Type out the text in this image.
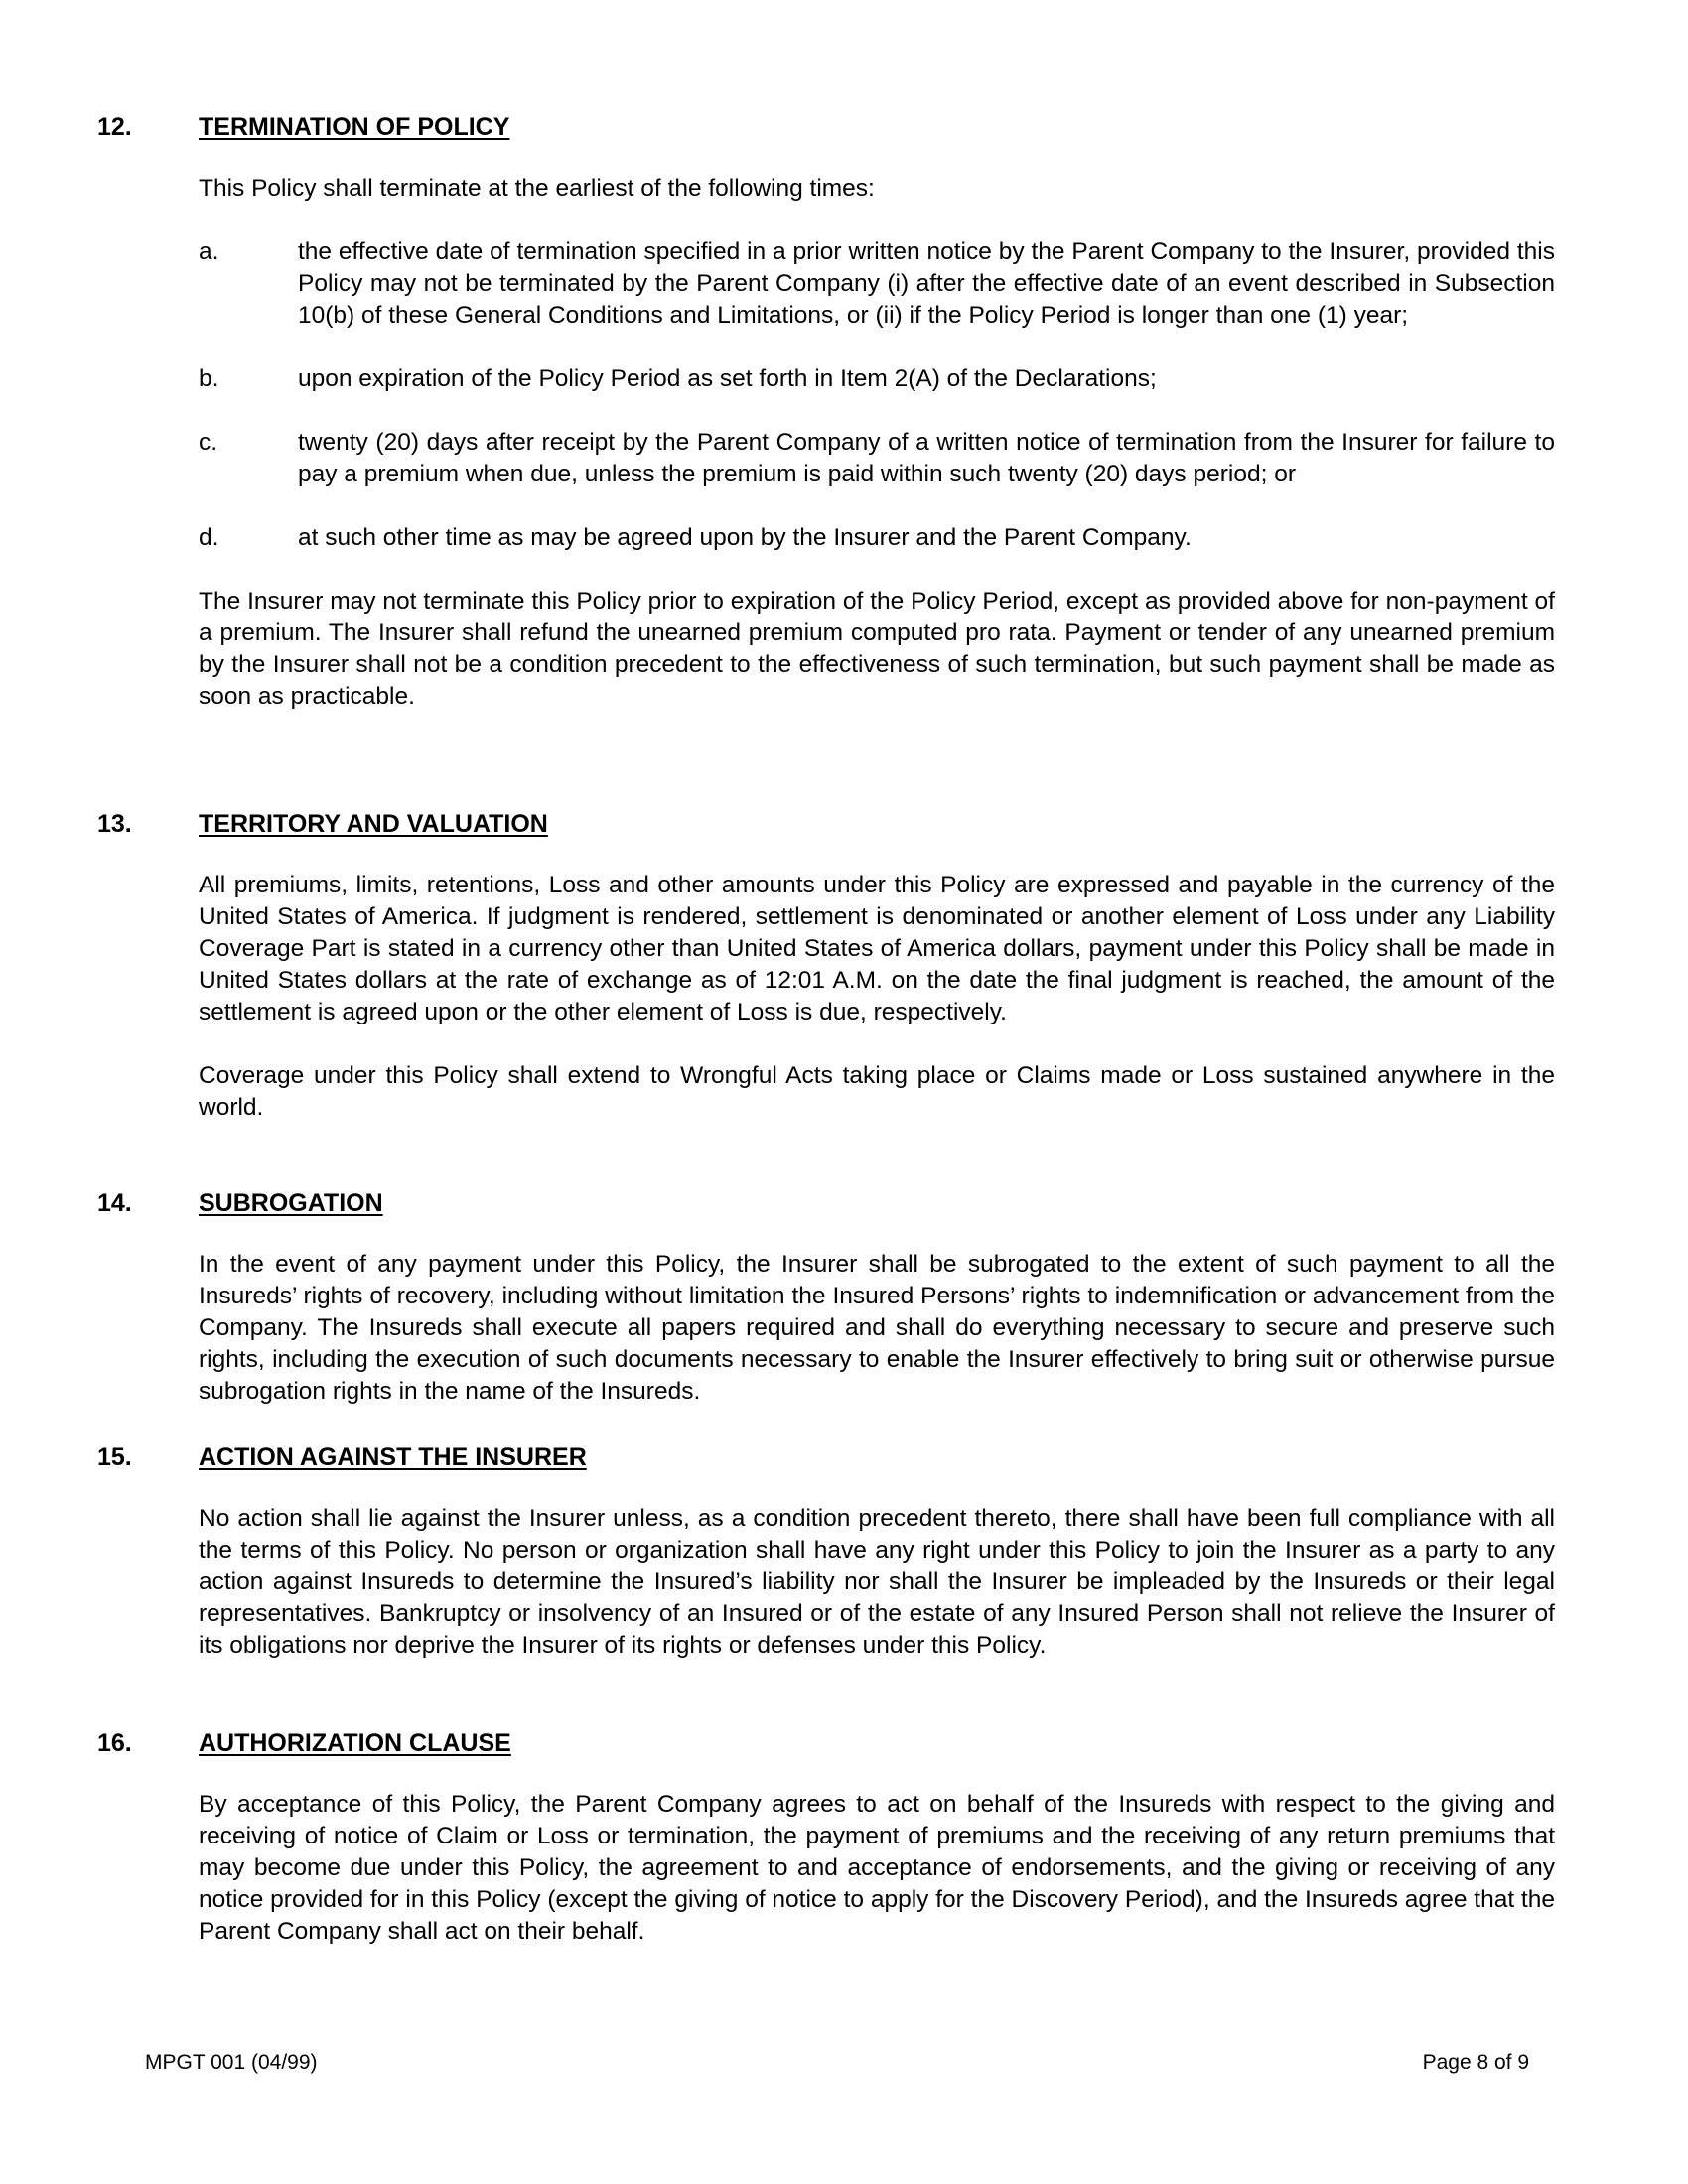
12.	TERMINATION OF POLICY

This Policy shall terminate at the earliest of the following times:

a.	the effective date of termination specified in a prior written notice by the Parent Company to the Insurer, provided this Policy may not be terminated by the Parent Company (i) after the effective date of an event described in Subsection 10(b) of these General Conditions and Limitations, or (ii) if the Policy Period is longer than one (1) year;
b.	upon expiration of the Policy Period as set forth in Item 2(A) of the Declarations;
c.	twenty (20) days after receipt by the Parent Company of a written notice of termination from the Insurer for failure to pay a premium when due, unless the premium is paid within such twenty (20) days period; or
d.	at such other time as may be agreed upon by the Insurer and the Parent Company.

The Insurer may not terminate this Policy prior to expiration of the Policy Period, except as provided above for non-payment of a premium. The Insurer shall refund the unearned premium computed pro rata. Payment or tender of any unearned premium by the Insurer shall not be a condition precedent to the effectiveness of such termination, but such payment shall be made as soon as practicable.

13.	TERRITORY AND VALUATION

All premiums, limits, retentions, Loss and other amounts under this Policy are expressed and payable in the currency of the United States of America. If judgment is rendered, settlement is denominated or another element of Loss under any Liability Coverage Part is stated in a currency other than United States of America dollars, payment under this Policy shall be made in United States dollars at the rate of exchange as of 12:01 A.M. on the date the final judgment is reached, the amount of the settlement is agreed upon or the other element of Loss is due, respectively.

Coverage under this Policy shall extend to Wrongful Acts taking place or Claims made or Loss sustained anywhere in the world.

14.	SUBROGATION

In the event of any payment under this Policy, the Insurer shall be subrogated to the extent of such payment to all the Insureds’ rights of recovery, including without limitation the Insured Persons’ rights to indemnification or advancement from the Company. The Insureds shall execute all papers required and shall do everything necessary to secure and preserve such rights, including the execution of such documents necessary to enable the Insurer effectively to bring suit or otherwise pursue subrogation rights in the name of the Insureds.

15.	ACTION AGAINST THE INSURER

No action shall lie against the Insurer unless, as a condition precedent thereto, there shall have been full compliance with all the terms of this Policy. No person or organization shall have any right under this Policy to join the Insurer as a party to any action against Insureds to determine the Insured’s liability nor shall the Insurer be impleaded by the Insureds or their legal representatives. Bankruptcy or insolvency of an Insured or of the estate of any Insured Person shall not relieve the Insurer of its obligations nor deprive the Insurer of its rights or defenses under this Policy.

16.	AUTHORIZATION CLAUSE

By acceptance of this Policy, the Parent Company agrees to act on behalf of the Insureds with respect to the giving and receiving of notice of Claim or Loss or termination, the payment of premiums and the receiving of any return premiums that may become due under this Policy, the agreement to and acceptance of endorsements, and the giving or receiving of any notice provided for in this Policy (except the giving of notice to apply for the Discovery Period), and the Insureds agree that the Parent Company shall act on their behalf.

MPGT 001 (04/99)	Page 8 of 9
